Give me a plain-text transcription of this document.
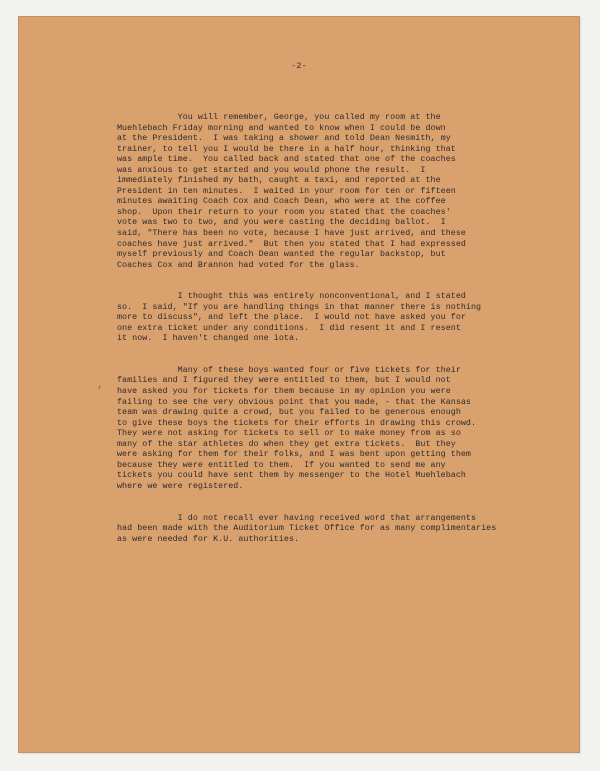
-2-

You will remember, George, you called my room at the
Muehlebach Friday morning and wanted to know when I could be down
at the President.  I was taking a shower and told Dean Nesmith, my
trainer, to tell you I would be there in a half hour, thinking that
was ample time.  You called back and stated that one of the coaches
was anxious to get started and you would phone the result.  I
immediately finished my bath, caught a taxi, and reported at the
President in ten minutes.  I waited in your room for ten or fifteen
minutes awaiting Coach Cox and Coach Dean, who were at the coffee
shop.  Upon their return to your room you stated that the coaches'
vote was two to two, and you were casting the deciding ballot.  I
said, "There has been no vote, because I have just arrived, and these
coaches have just arrived."  But then you stated that I had expressed
myself previously and Coach Dean wanted the regular backstop, but
Coaches Cox and Brannon had voted for the glass.

I thought this was entirely nonconventional, and I stated
so.  I said, "If you are handling things in that manner there is nothing
more to discuss", and left the place.  I would not have asked you for
one extra ticket under any conditions.  I did resent it and I resent
it now.  I haven't changed one iota.

Many of these boys wanted four or five tickets for their
families and I figured they were entitled to them, but I would not
have asked you for tickets for them because in my opinion you were
failing to see the very obvious point that you made, - that the Kansas
team was drawing quite a crowd, but you failed to be generous enough
to give these boys the tickets for their efforts in drawing this crowd.
They were not asking for tickets to sell or to make money from as so
many of the star athletes do when they get extra tickets.  But they
were asking for them for their folks, and I was bent upon getting them
because they were entitled to them.  If you wanted to send me any
tickets you could have sent them by messenger to the Hotel Muehlebach
where we were registered.

I do not recall ever having received word that arrangements
had been made with the Auditorium Ticket Office for as many complimentaries
as were needed for K.U. authorities.
